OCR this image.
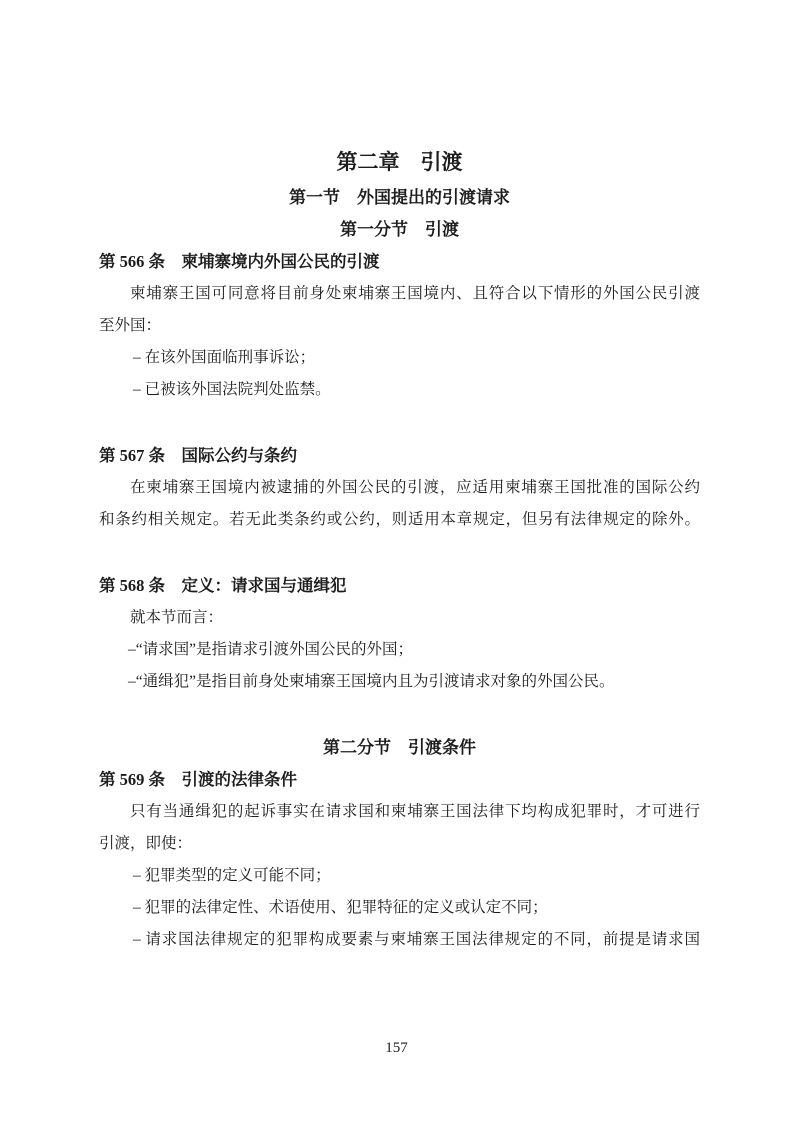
第二章　引渡
第一节　外国提出的引渡请求
第一分节　引渡
第 566 条　柬埔寨境内外国公民的引渡

柬埔寨王国可同意将目前身处柬埔寨王国境内、且符合以下情形的外国公民引渡

至外国：

– 在该外国面临刑事诉讼；

– 已被该外国法院判处监禁。

第 567 条　国际公约与条约

在柬埔寨王国境内被逮捕的外国公民的引渡，应适用柬埔寨王国批准的国际公约

和条约相关规定。若无此类条约或公约，则适用本章规定，但另有法律规定的除外。

第 568 条　定义：请求国与通缉犯

就本节而言：

–“请求国”是指请求引渡外国公民的外国；

–“通缉犯”是指目前身处柬埔寨王国境内且为引渡请求对象的外国公民。

第二分节　引渡条件
第 569 条　引渡的法律条件

只有当通缉犯的起诉事实在请求国和柬埔寨王国法律下均构成犯罪时，才可进行

引渡，即使：

– 犯罪类型的定义可能不同；

– 犯罪的法律定性、术语使用、犯罪特征的定义或认定不同；

– 请求国法律规定的犯罪构成要素与柬埔寨王国法律规定的不同，前提是请求国

157
